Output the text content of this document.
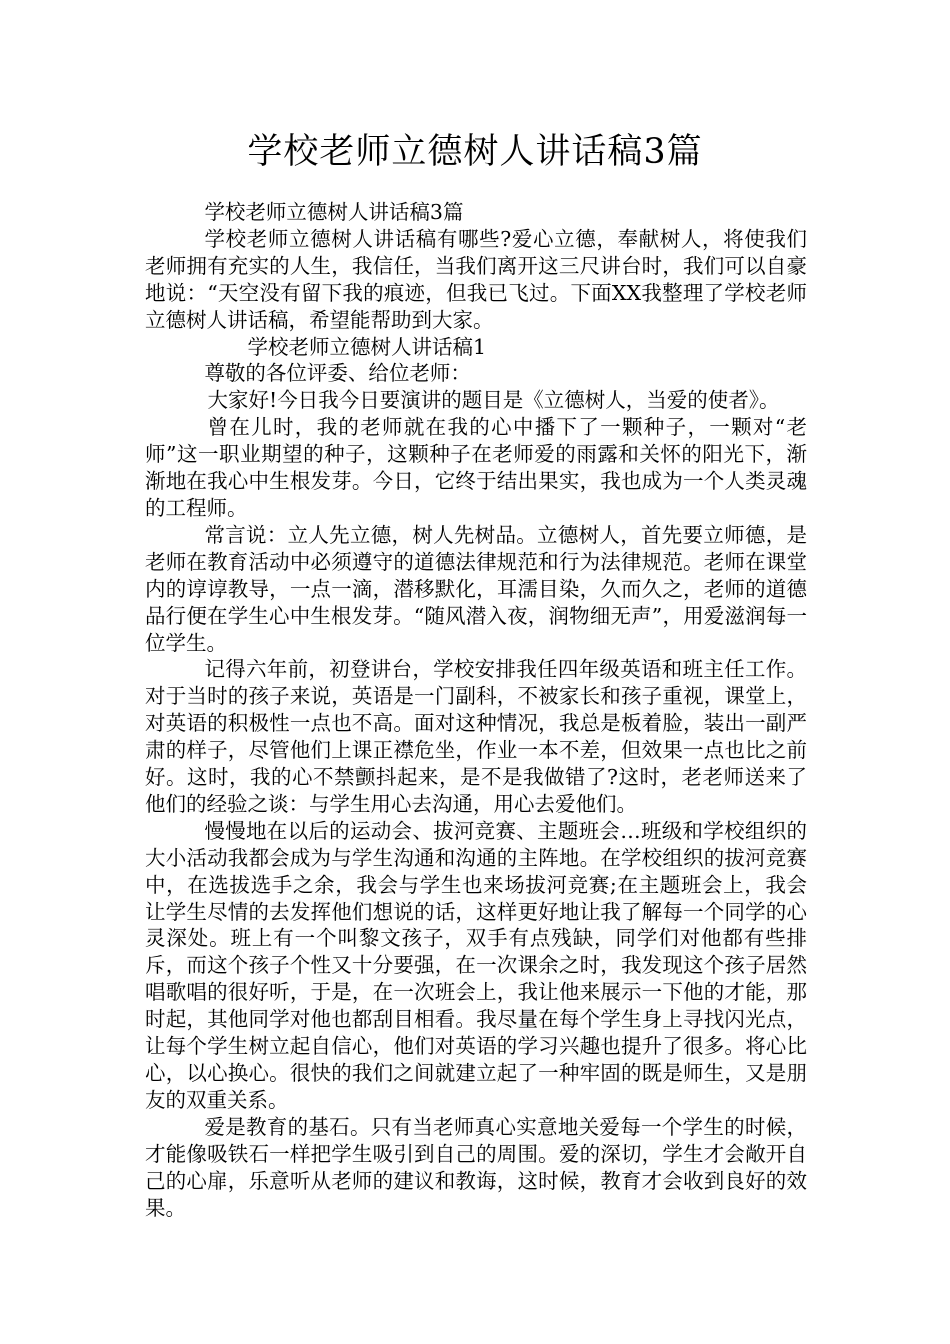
学校老师立德树人讲话稿3篇

学校老师立德树人讲话稿3篇

学校老师立德树人讲话稿有哪些?爱心立德，奉献树人，将使我们老师拥有充实的人生，我信任，当我们离开这三尺讲台时，我们可以自豪地说：“天空没有留下我的痕迹，但我已飞过。下面XX我整理了学校老师立德树人讲话稿，希望能帮助到大家。

学校老师立德树人讲话稿1

尊敬的各位评委、给位老师：

大家好!今日我今日要演讲的题目是《立德树人，当爱的使者》。

曾在儿时，我的老师就在我的心中播下了一颗种子，一颗对“老师”这一职业期望的种子，这颗种子在老师爱的雨露和关怀的阳光下，渐渐地在我心中生根发芽。今日，它终于结出果实，我也成为一个人类灵魂的工程师。

常言说：立人先立德，树人先树品。立德树人，首先要立师德，是老师在教育活动中必须遵守的道德法律规范和行为法律规范。老师在课堂内的谆谆教导，一点一滴，潜移默化，耳濡目染，久而久之，老师的道德品行便在学生心中生根发芽。“随风潜入夜，润物细无声”，用爱滋润每一位学生。

记得六年前，初登讲台，学校安排我任四年级英语和班主任工作。对于当时的孩子来说，英语是一门副科，不被家长和孩子重视，课堂上，对英语的积极性一点也不高。面对这种情况，我总是板着脸，装出一副严肃的样子，尽管他们上课正襟危坐，作业一本不差，但效果一点也比之前好。这时，我的心不禁颤抖起来，是不是我做错了?这时，老老师送来了他们的经验之谈：与学生用心去沟通，用心去爱他们。

慢慢地在以后的运动会、拔河竞赛、主题班会…班级和学校组织的大小活动我都会成为与学生沟通和沟通的主阵地。在学校组织的拔河竞赛中，在选拔选手之余，我会与学生也来场拔河竞赛;在主题班会上，我会让学生尽情的去发挥他们想说的话，这样更好地让我了解每一个同学的心灵深处。班上有一个叫黎文孩子，双手有点残缺，同学们对他都有些排斥，而这个孩子个性又十分要强，在一次课余之时，我发现这个孩子居然唱歌唱的很好听，于是，在一次班会上，我让他来展示一下他的才能，那时起，其他同学对他也都刮目相看。我尽量在每个学生身上寻找闪光点，让每个学生树立起自信心，他们对英语的学习兴趣也提升了很多。将心比心，以心换心。很快的我们之间就建立起了一种牢固的既是师生，又是朋友的双重关系。

爱是教育的基石。只有当老师真心实意地关爱每一个学生的时候，才能像吸铁石一样把学生吸引到自己的周围。爱的深切，学生才会敞开自己的心扉，乐意听从老师的建议和教诲，这时候，教育才会收到良好的效果。
